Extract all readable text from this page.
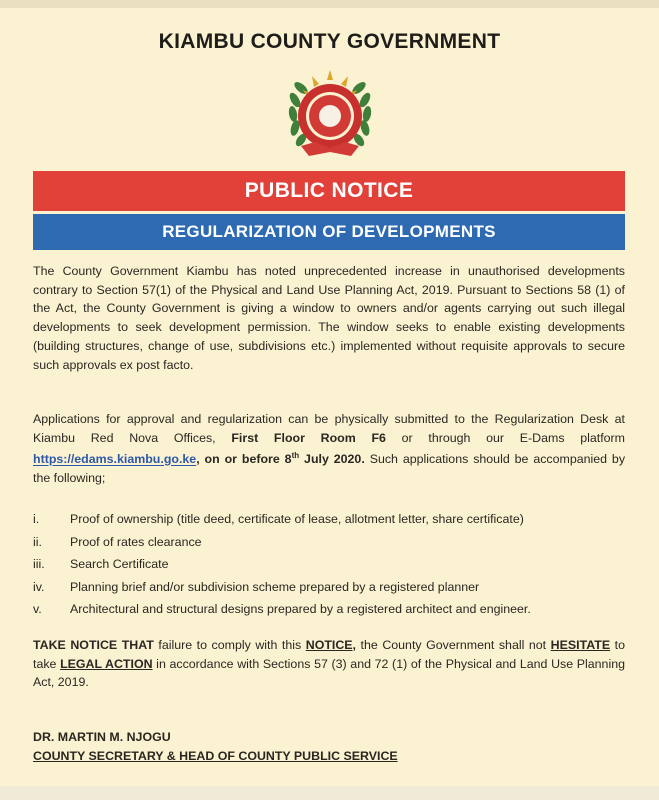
KIAMBU COUNTY GOVERNMENT
PUBLIC NOTICE
REGULARIZATION OF DEVELOPMENTS
The County Government Kiambu has noted unprecedented increase in unauthorised developments contrary to Section 57(1) of the Physical and Land Use Planning Act, 2019. Pursuant to Sections 58 (1) of the Act, the County Government is giving a window to owners and/or agents carrying out such illegal developments to seek development permission. The window seeks to enable existing developments (building structures, change of use, subdivisions etc.) implemented without requisite approvals to secure such approvals ex post facto.
Applications for approval and regularization can be physically submitted to the Regularization Desk at Kiambu Red Nova Offices, First Floor Room F6 or through our E-Dams platform https://edams.kiambu.go.ke, on or before 8th July 2020. Such applications should be accompanied by the following;
i.	Proof of ownership (title deed, certificate of lease, allotment letter, share certificate)
ii.	Proof of rates clearance
iii.	Search Certificate
iv.	Planning brief and/or subdivision scheme prepared by a registered planner
v.	Architectural and structural designs prepared by a registered architect and engineer.
TAKE NOTICE THAT failure to comply with this NOTICE, the County Government shall not HESITATE to take LEGAL ACTION in accordance with Sections 57 (3) and 72 (1) of the Physical and Land Use Planning Act, 2019.
DR. MARTIN M. NJOGU
COUNTY SECRETARY & HEAD OF COUNTY PUBLIC SERVICE
